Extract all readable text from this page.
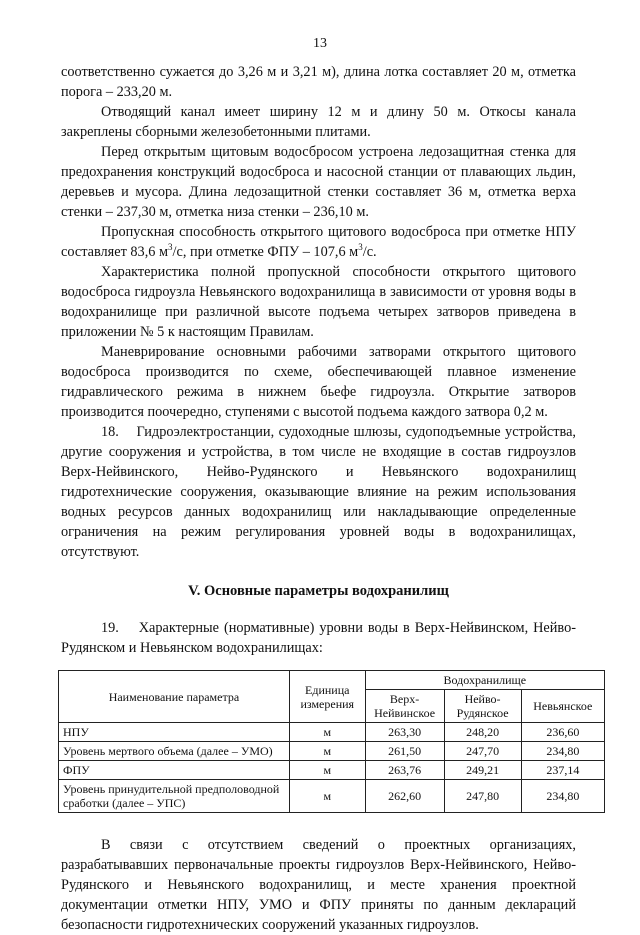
13

соответственно сужается до 3,26 м и 3,21 м), длина лотка составляет 20 м, отметка порога – 233,20 м.

Отводящий канал имеет ширину 12 м и длину 50 м. Откосы канала закреплены сборными железобетонными плитами.

Перед открытым щитовым водосбросом устроена ледозащитная стенка для предохранения конструкций водосброса и насосной станции от плавающих льдин, деревьев и мусора. Длина ледозащитной стенки составляет 36 м, отметка верха стенки – 237,30 м, отметка низа стенки – 236,10 м.

Пропускная способность открытого щитового водосброса при отметке НПУ составляет 83,6 $м^3/с$, при отметке ФПУ – 107,6 $м^3/с$.

Характеристика полной пропускной способности открытого щитового водосброса гидроузла Невьянского водохранилища в зависимости от уровня воды в водохранилище при различной высоте подъема четырех затворов приведена в приложении № 5 к настоящим Правилам.

Маневрирование основными рабочими затворами открытого щитового водосброса производится по схеме, обеспечивающей плавное изменение гидравлического режима в нижнем бьефе гидроузла. Открытие затворов производится поочередно, ступенями с высотой подъема каждого затвора 0,2 м.

18.    Гидроэлектростанции, судоходные шлюзы, судоподъемные устройства, другие сооружения и устройства, в том числе не входящие в состав гидроузлов Верх-Нейвинского, Нейво-Рудянского и Невьянского водохранилищ гидротехнические сооружения, оказывающие влияние на режим использования водных ресурсов данных водохранилищ или накладывающие определенные ограничения на режим регулирования уровней воды в водохранилищах, отсутствуют.

V. Основные параметры водохранилищ

19.    Характерные (нормативные) уровни воды в Верх-Нейвинском, Нейво-Рудянском и Невьянском водохранилищах:

Наименование параметра	Единица измерения	Водохранилище		
		Верх-Нейвинское	Нейво-Рудянское	Невьянское
НПУ	м	263,30	248,20	236,60
Уровень мертвого объема (далее – УМО)	м	261,50	247,70	234,80
ФПУ	м	263,76	249,21	237,14
Уровень принудительной предполоводной сработки (далее – УПС)	м	262,60	247,80	234,80

В связи с отсутствием сведений о проектных организациях, разрабатывавших первоначальные проекты гидроузлов Верх-Нейвинского, Нейво-Рудянского и Невьянского водохранилищ, и месте хранения проектной документации отметки НПУ, УМО и ФПУ приняты по данным деклараций безопасности гидротехнических сооружений указанных гидроузлов.
